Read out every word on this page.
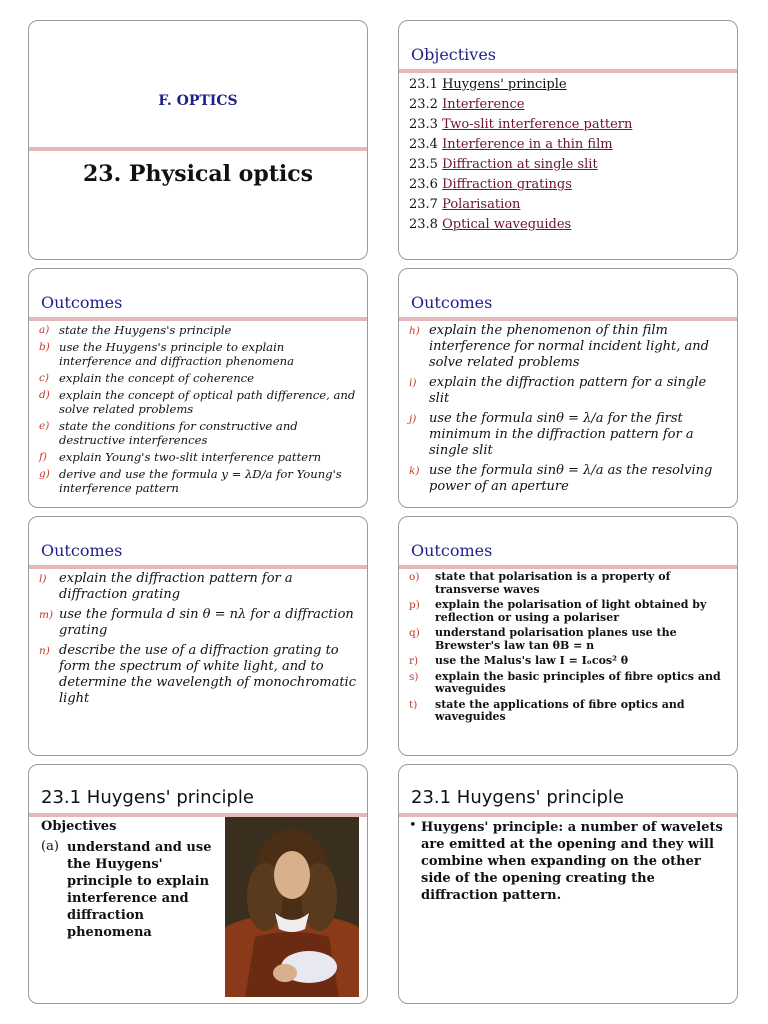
F. OPTICS
23. Physical optics
Objectives
23.1 Huygens' principle
23.2 Interference
23.3 Two-slit interference pattern
23.4 Interference in a thin film
23.5 Diffraction at single slit
23.6 Diffraction gratings
23.7 Polarisation
23.8 Optical waveguides
Outcomes
a) state the Huygens's principle
b) use the Huygens's principle to explain interference and diffraction phenomena
c) explain the concept of coherence
d) explain the concept of optical path difference, and solve related problems
e) state the conditions for constructive and destructive interferences
f) explain Young's two-slit interference pattern
g) derive and use the formula y = λD/a for Young's interference pattern
Outcomes
h) explain the phenomenon of thin film interference for normal incident light, and solve related problems
i) explain the diffraction pattern for a single slit
j) use the formula sinθ = λ/a for the first minimum in the diffraction pattern for a single slit
k) use the formula sinθ = λ/a as the resolving power of an aperture
Outcomes
l) explain the diffraction pattern for a diffraction grating
m) use the formula d sin θ = nλ for a diffraction grating
n) describe the use of a diffraction grating to form the spectrum of white light, and to determine the wavelength of monochromatic light
Outcomes
o) state that polarisation is a property of transverse waves
p) explain the polarisation of light obtained by reflection or using a polariser
q) understand polarisation planes use the Brewster's law tan θB = n
r) use the Malus's law I = Iₒcos² θ
s) explain the basic principles of fibre optics and waveguides
t) state the applications of fibre optics and waveguides
23.1 Huygens' principle
Objectives
(a) understand and use the Huygens' principle to explain interference and diffraction phenomena
23.1 Huygens' principle
• Huygens' principle: a number of wavelets are emitted at the opening and they will combine when expanding on the other side of the opening creating the diffraction pattern.
